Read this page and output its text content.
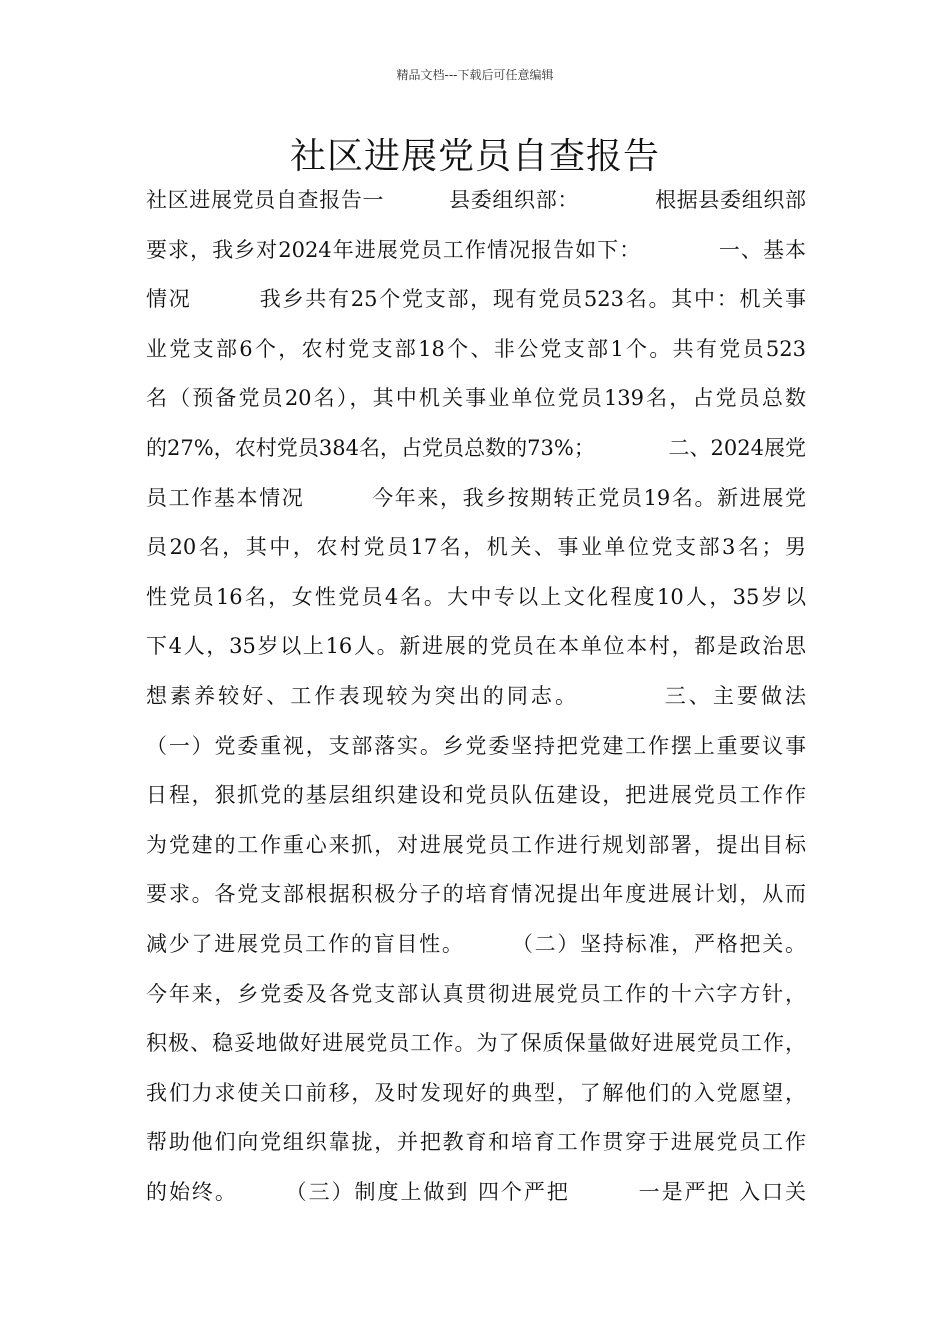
精品文档---下载后可任意编辑
社区进展党员自查报告
社区进展党员自查报告一　　　县委组织部：　　　　根据县委组织部
要求，我乡对2024年进展党员工作情况报告如下：　　　　一、基本
情况　　　我乡共有25个党支部，现有党员523名。其中：机关事
业党支部6个，农村党支部18个、非公党支部1个。共有党员523
名（预备党员20名），其中机关事业单位党员139名，占党员总数
的27%，农村党员384名，占党员总数的73%；　　　　二、2024展党
员工作基本情况　　　今年来，我乡按期转正党员19名。新进展党
员20名，其中，农村党员17名，机关、事业单位党支部3名；男
性党员16名，女性党员4名。大中专以上文化程度10人，35岁以
下4人，35岁以上16人。新进展的党员在本单位本村，都是政治思
想素养较好、工作表现较为突出的同志。　　　　三、主要做法
（一）党委重视，支部落实。乡党委坚持把党建工作摆上重要议事
日程，狠抓党的基层组织建设和党员队伍建设，把进展党员工作作
为党建的工作重心来抓，对进展党员工作进行规划部署，提出目标
要求。各党支部根据积极分子的培育情况提出年度进展计划，从而
减少了进展党员工作的盲目性。　　　（二）坚持标准，严格把关。
今年来，乡党委及各党支部认真贯彻进展党员工作的十六字方针，
积极、稳妥地做好进展党员工作。为了保质保量做好进展党员工作，
我们力求使关口前移，及时发现好的典型，了解他们的入党愿望，
帮助他们向党组织靠拢，并把教育和培育工作贯穿于进展党员工作
的始终。　　　（三）制度上做到 四个严把　　　一是严把 入口关
